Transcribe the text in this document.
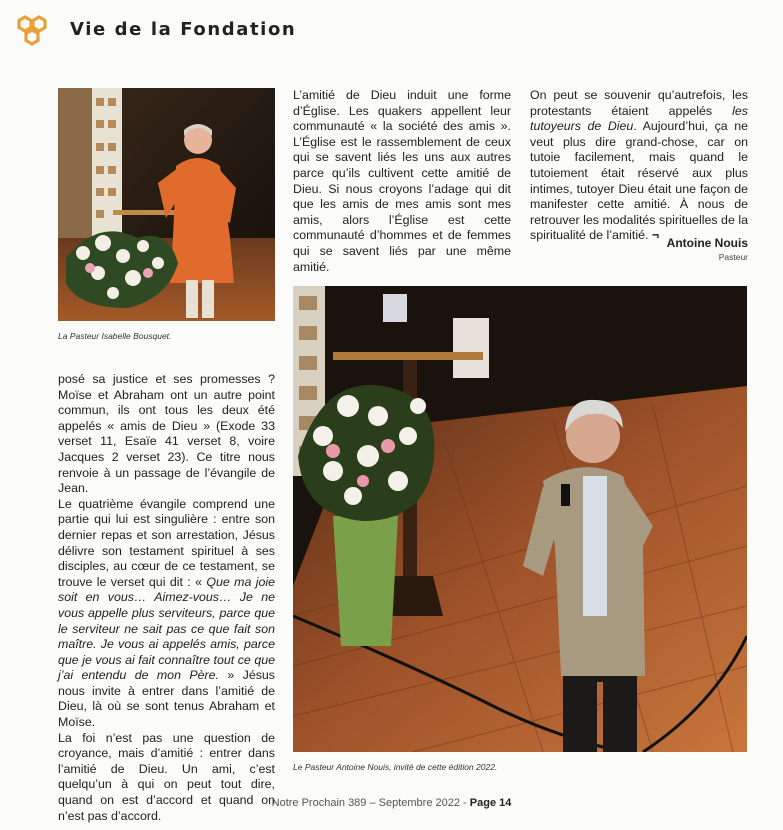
Vie de la Fondation
La Pasteur Isabelle Bousquet.
Le Pasteur Antoine Nouis, invité de cette édition 2022.

posé sa justice et ses promesses ? Moïse et Abraham ont un autre point commun, ils ont tous les deux été appelés « amis de Dieu » (Exode 33 verset 11, Esaïe 41 verset 8, voire Jacques 2 verset 23). Ce titre nous renvoie à un passage de l’évangile de Jean.

Le quatrième évangile comprend une partie qui lui est singulière : entre son dernier repas et son arrestation, Jésus délivre son testament spirituel à ses disciples, au cœur de ce testament, se trouve le verset qui dit : « Que ma joie soit en vous… Aimez-vous… Je ne vous appelle plus serviteurs, parce que le serviteur ne sait pas ce que fait son maître. Je vous ai appelés amis, parce que je vous ai fait connaître tout ce que j’ai entendu de mon Père. » Jésus nous invite à entrer dans l’amitié de Dieu, là où se sont tenus Abraham et Moïse.

La foi n’est pas une question de croyance, mais d’amitié : entrer dans l’amitié de Dieu. Un ami, c’est quelqu’un à qui on peut tout dire, quand on est d’accord et quand on n’est pas d’accord.

L’amitié de Dieu induit une forme d’Église. Les quakers appellent leur communauté « la société des amis ». L’Église est le rassemblement de ceux qui se savent liés les uns aux autres parce qu’ils cultivent cette amitié de Dieu. Si nous croyons l’adage qui dit que les amis de mes amis sont mes amis, alors l’Église est cette communauté d’hommes et de femmes qui se savent liés par une même amitié.

On peut se souvenir qu’autrefois, les protestants étaient appelés les tutoyeurs de Dieu. Aujourd’hui, ça ne veut plus dire grand-chose, car on tutoie facilement, mais quand le tutoiement était réservé aux plus intimes, tutoyer Dieu était une façon de manifester cette amitié. À nous de retrouver les modalités spirituelles de la spiritualité de l’amitié. ¬

Antoine Nouis
Pasteur
Notre Prochain 389 – Septembre 2022 - Page 14
